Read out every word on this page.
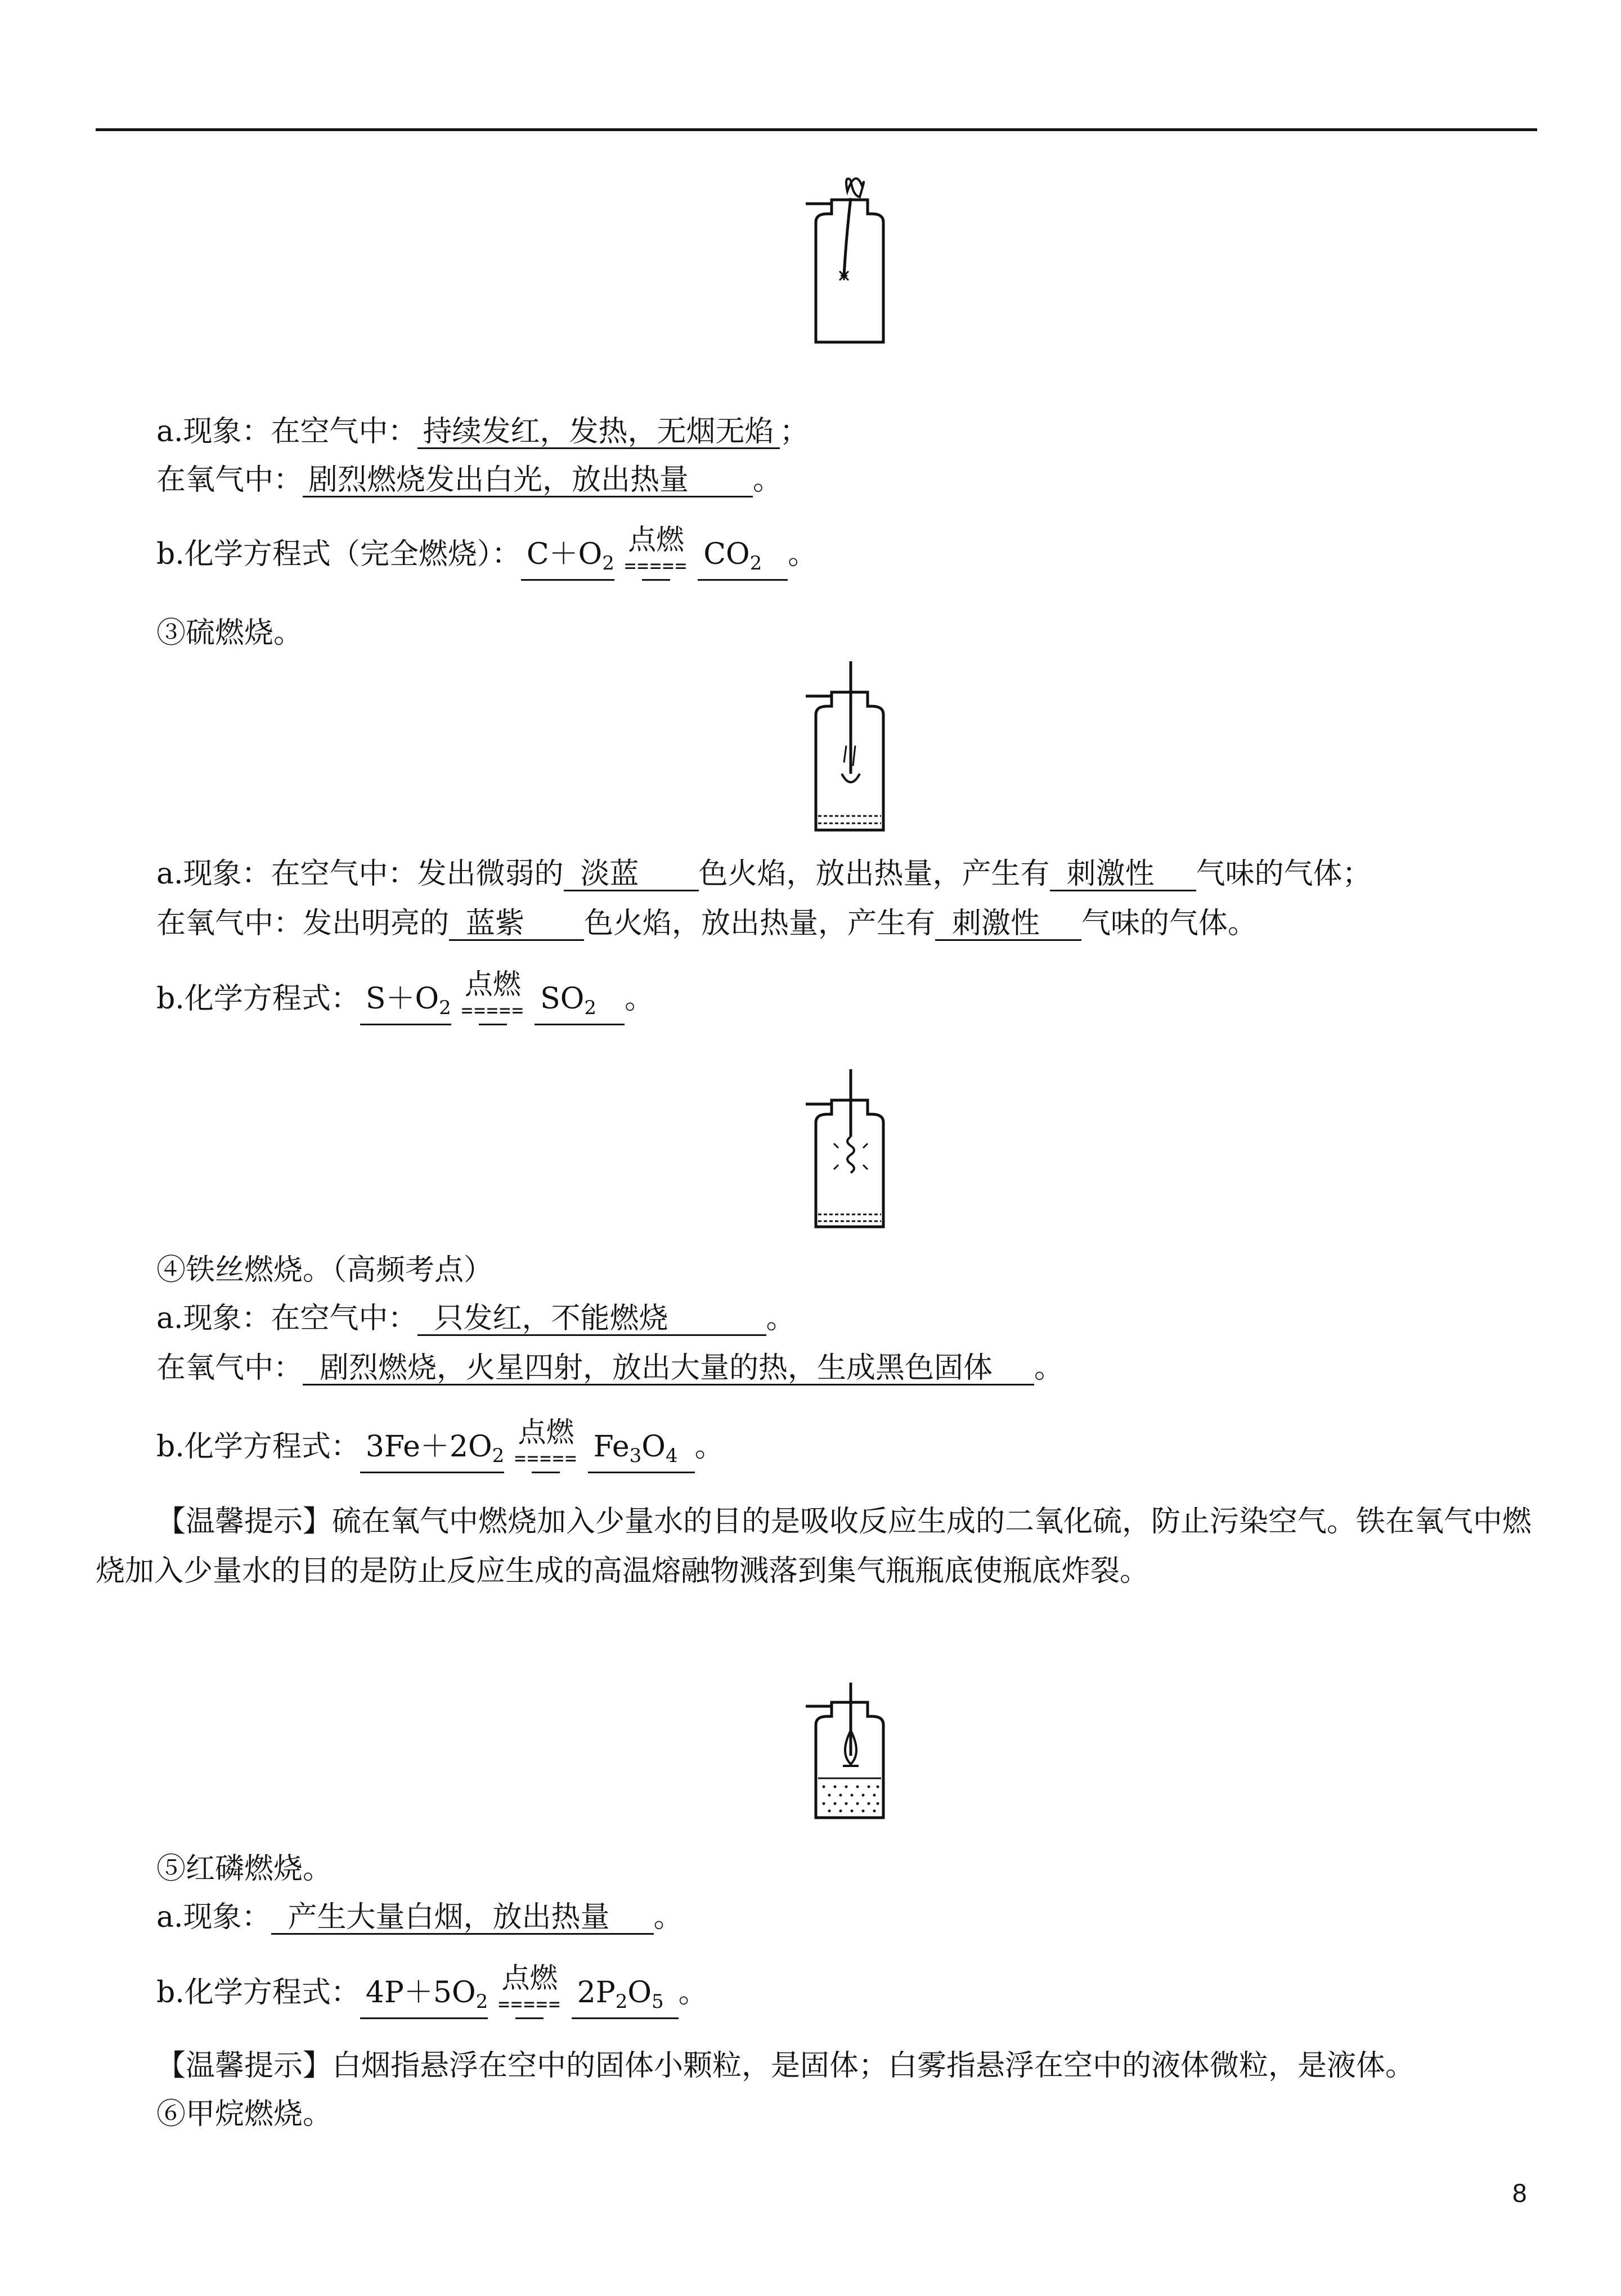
a.现象：在空气中： 持续发红，发热，无烟无焰 ；
在氧气中： 剧烈燃烧发出白光，放出热量 。
b.化学方程式（完全燃烧）： $C+O_2$
点燃
===== $CO_2$ 。
③硫燃烧。
a.现象：在空气中：发出微弱的 淡蓝 色火焰，放出热量，产生有 刺激性 气味的气体；
在氧气中：发出明亮的 蓝紫 色火焰，放出热量，产生有 刺激性 气味的气体。
b.化学方程式： $S+O_2$
点燃
===== $SO_2$ 。
④铁丝燃烧。（高频考点）
a.现象：在空气中： 只发红，不能燃烧	。
在氧气中： 剧烈燃烧，火星四射，放出大量的热，生成黑色固体 。
b.化学方程式： $3Fe+2O_2$
点燃
===== $Fe_3O_4$ 。
【温馨提示】硫在氧气中燃烧加入少量水的目的是吸收反应生成的二氧化硫，防止污染空气。铁在氧气中燃烧加入少量水的目的是防止反应生成的高温熔融物溅落到集气瓶瓶底使瓶底炸裂。
⑤红磷燃烧。
a.现象： 产生大量白烟，放出热量 。
b.化学方程式： $4P+5O_2$
点燃
===== $2P_2O_5$ 。
【温馨提示】白烟指悬浮在空中的固体小颗粒，是固体；白雾指悬浮在空中的液体微粒，是液体。
⑥甲烷燃烧。
8
